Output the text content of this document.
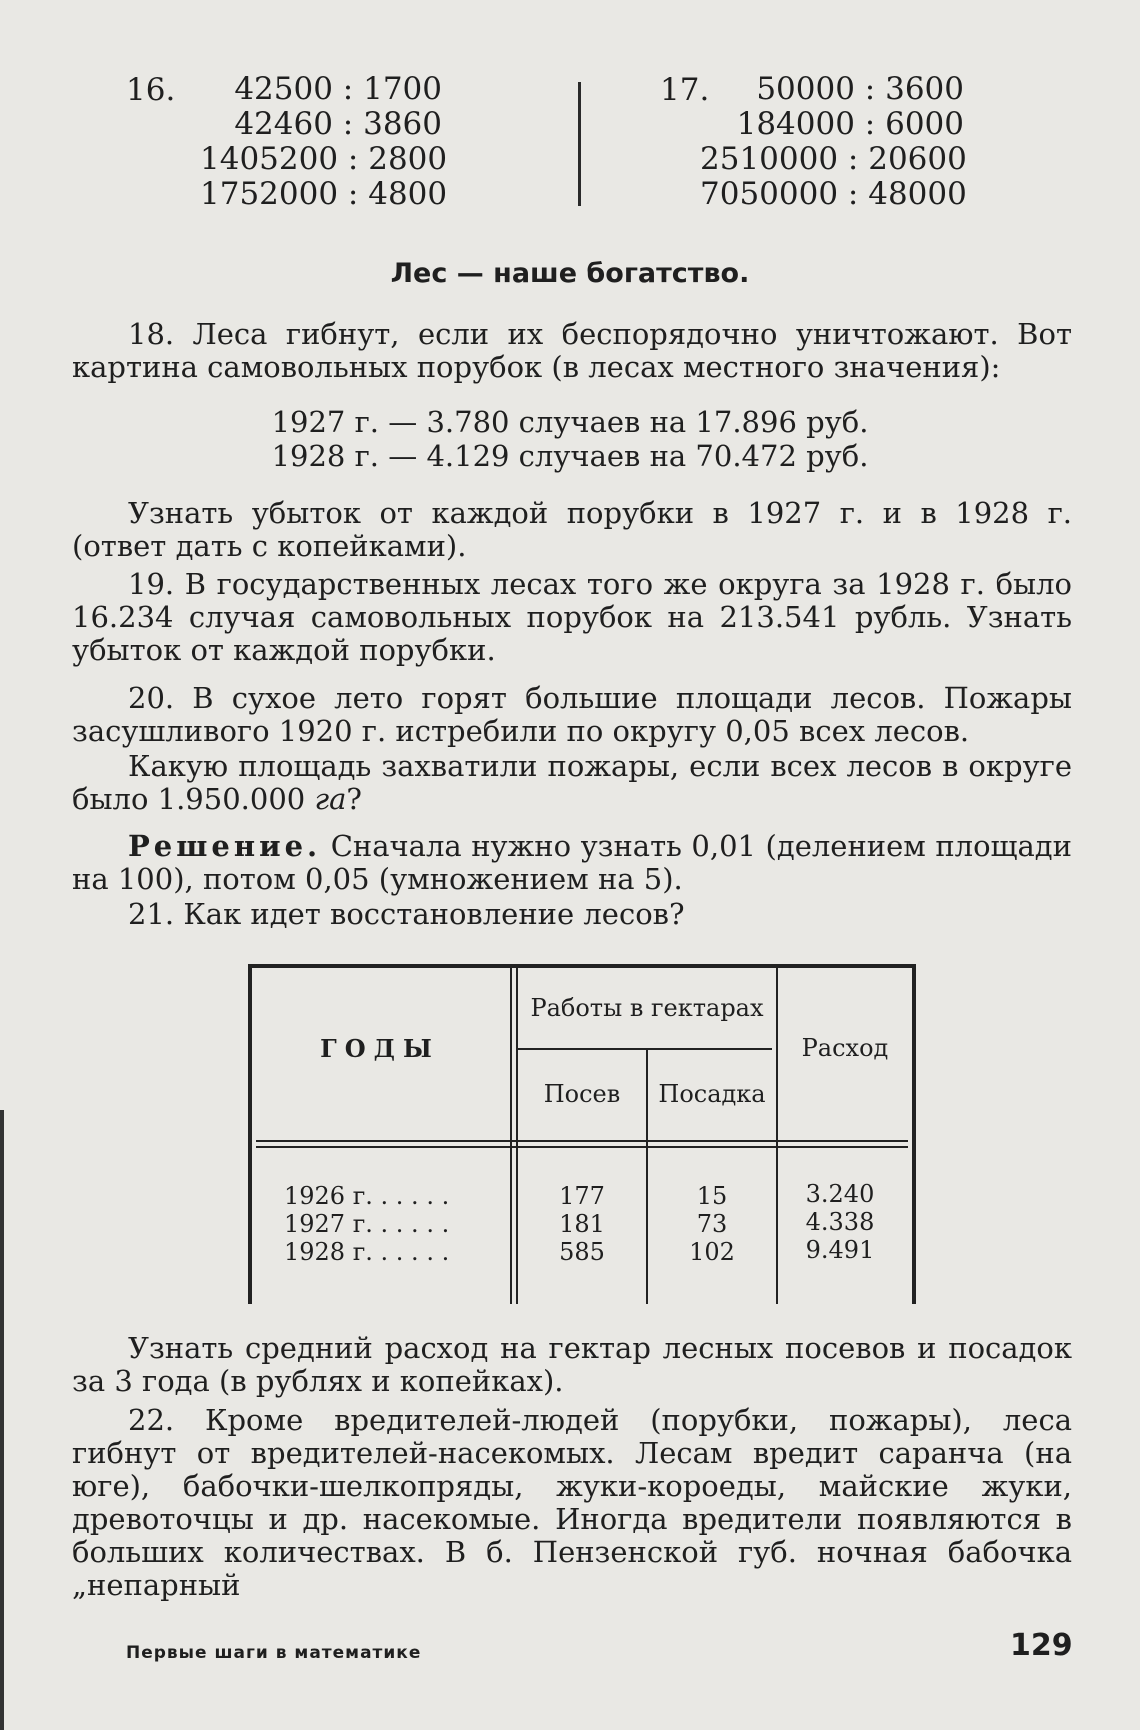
16.	42500 : 1700
42460 : 3860
1405200 : 2800
1752000 : 4800
17.	50000 : 3600
184000 : 6000
2510000 : 20600
7050000 : 48000
Лес — наше богатство.
18. Леса гибнут, если их беспорядочно уничтожают. Вот картина самовольных порубок (в лесах местного значения):
1927 г. — 3.780 случаев на 17.896 руб.
1928 г. — 4.129 случаев на 70.472 руб.
Узнать убыток от каждой порубки в 1927 г. и в 1928 г. (ответ дать с копейками).
19. В государственных лесах того же округа за 1928 г. было 16.234 случая самовольных порубок на 213.541 рубль. Узнать убыток от каждой порубки.
20. В сухое лето горят большие площади лесов. Пожары засушливого 1920 г. истребили по округу 0,05 всех лесов.
Какую площадь захватили пожары, если всех лесов в округе было 1.950.000 га?
Решение. Сначала нужно узнать 0,01 (делением площади на 100), потом 0,05 (умножением на 5).
21. Как идет восстановление лесов?
ГОДЫ
Работы в гектарах
Посев	Посадка
Расход
1926 г. . . . . .	177	15	3.240
1927 г. . . . . .	181	73	4.338
1928 г. . . . . .	585	102	9.491
Узнать средний расход на гектар лесных посевов и посадок за 3 года (в рублях и копейках).
22. Кроме вредителей-людей (порубки, пожары), леса гибнут от вредителей-насекомых. Лесам вредит саранча (на юге), бабочки-шелкопряды, жуки-короеды, майские жуки, древоточцы и др. насекомые. Иногда вредители появляются в больших количествах. В б. Пензенской губ. ночная бабочка „непарный
Первые шаги в математике	129
